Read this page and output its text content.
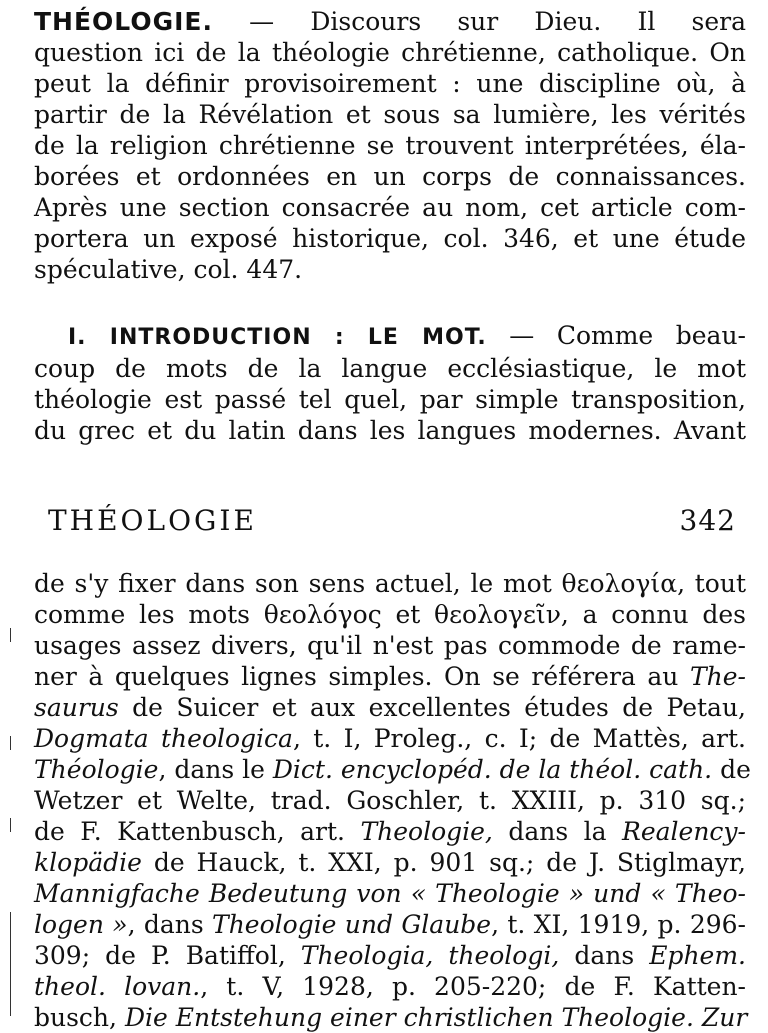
THÉOLOGIE. — Discours sur Dieu. Il sera
question ici de la théologie chrétienne, catholique. On
peut la définir provisoirement : une discipline où, à
partir de la Révélation et sous sa lumière, les vérités
de la religion chrétienne se trouvent interprétées, éla-
borées et ordonnées en un corps de connaissances.
Après une section consacrée au nom, cet article com-
portera un exposé historique, col. 346, et une étude
spéculative, col. 447.
I. INTRODUCTION : LE MOT. — Comme beau-
coup de mots de la langue ecclésiastique, le mot
théologie est passé tel quel, par simple transposition,
du grec et du latin dans les langues modernes. Avant
THÉOLOGIE	342
de s'y fixer dans son sens actuel, le mot θεολογία, tout
comme les mots θεολόγος et θεολογεῖν, a connu des
usages assez divers, qu'il n'est pas commode de rame-
ner à quelques lignes simples. On se référera au The-
saurus de Suicer et aux excellentes études de Petau,
Dogmata theologica, t. I, Proleg., c. I; de Mattès, art.
Théologie, dans le Dict. encyclopéd. de la théol. cath. de
Wetzer et Welte, trad. Goschler, t. XXIII, p. 310 sq.;
de F. Kattenbusch, art. Theologie, dans la Realency-
klopädie de Hauck, t. XXI, p. 901 sq.; de J. Stiglmayr,
Mannigfache Bedeutung von « Theologie » und « Theo-
logen », dans Theologie und Glaube, t. XI, 1919, p. 296-
309; de P. Batiffol, Theologia, theologi, dans Ephem.
theol. lovan., t. V, 1928, p. 205-220; de F. Katten-
busch, Die Entstehung einer christlichen Theologie. Zur
